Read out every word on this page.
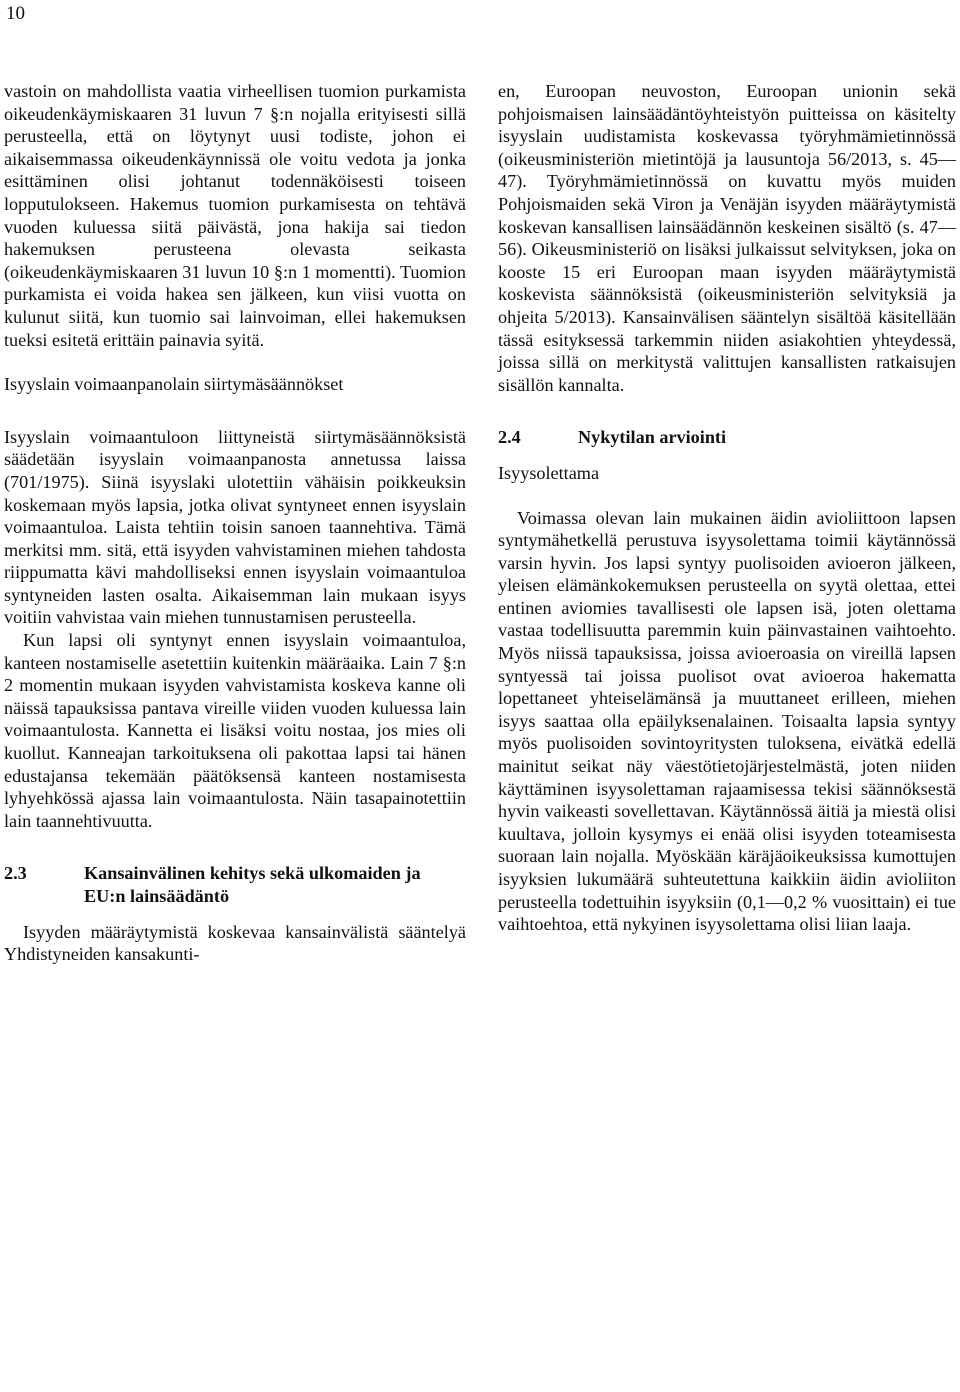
10

vastoin on mahdollista vaatia virheellisen tuomion purkamista oikeudenkäymiskaaren 31 luvun 7 §:n nojalla erityisesti sillä perusteella, että on löytynyt uusi todiste, johon ei aikaisemmassa oikeudenkäynnissä ole voitu vedota ja jonka esittäminen olisi johtanut todennäköisesti toiseen lopputulokseen. Hakemus tuomion purkamisesta on tehtävä vuoden kuluessa siitä päivästä, jona hakija sai tiedon hakemuksen perusteena olevasta seikasta (oikeudenkäymiskaaren 31 luvun 10 §:n 1 momentti). Tuomion purkamista ei voida hakea sen jälkeen, kun viisi vuotta on kulunut siitä, kun tuomio sai lainvoiman, ellei hakemuksen tueksi esitetä erittäin painavia syitä.

Isyyslain voimaanpanolain siirtymäsäännökset

Isyyslain voimaantuloon liittyneistä siirtymäsäännöksistä säädetään isyyslain voimaanpanosta annetussa laissa (701/1975). Siinä isyyslaki ulotettiin vähäisin poikkeuksin koskemaan myös lapsia, jotka olivat syntyneet ennen isyyslain voimaantuloa. Laista tehtiin toisin sanoen taannehtiva. Tämä merkitsi mm. sitä, että isyyden vahvistaminen miehen tahdosta riippumatta kävi mahdolliseksi ennen isyyslain voimaantuloa syntyneiden lasten osalta. Aikaisemman lain mukaan isyys voitiin vahvistaa vain miehen tunnustamisen perusteella.

Kun lapsi oli syntynyt ennen isyyslain voimaantuloa, kanteen nostamiselle asetettiin kuitenkin määräaika. Lain 7 §:n 2 momentin mukaan isyyden vahvistamista koskeva kanne oli näissä tapauksissa pantava vireille viiden vuoden kuluessa lain voimaantulosta. Kannetta ei lisäksi voitu nostaa, jos mies oli kuollut. Kanneajan tarkoituksena oli pakottaa lapsi tai hänen edustajansa tekemään päätöksensä kanteen nostamisesta lyhyehkössä ajassa lain voimaantulosta. Näin tasapainotettiin lain taannehtivuutta.

2.3	Kansainvälinen kehitys sekä ulkomaiden ja EU:n lainsäädäntö

Isyyden määräytymistä koskevaa kansainvälistä sääntelyä Yhdistyneiden kansakunti-

en, Euroopan neuvoston, Euroopan unionin sekä pohjoismaisen lainsäädäntöyhteistyön puitteissa on käsitelty isyyslain uudistamista koskevassa työryhmämietinnössä (oikeusministeriön mietintöjä ja lausuntoja 56/2013, s. 45—47). Työryhmämietinnössä on kuvattu myös muiden Pohjoismaiden sekä Viron ja Venäjän isyyden määräytymistä koskevan kansallisen lainsäädännön keskeinen sisältö (s. 47—56). Oikeusministeriö on lisäksi julkaissut selvityksen, joka on kooste 15 eri Euroopan maan isyyden määräytymistä koskevista säännöksistä (oikeusministeriön selvityksiä ja ohjeita 5/2013). Kansainvälisen sääntelyn sisältöä käsitellään tässä esityksessä tarkemmin niiden asiakohtien yhteydessä, joissa sillä on merkitystä valittujen kansallisten ratkaisujen sisällön kannalta.

2.4	Nykytilan arviointi

Isyysolettama

Voimassa olevan lain mukainen äidin avioliittoon lapsen syntymähetkellä perustuva isyysolettama toimii käytännössä varsin hyvin. Jos lapsi syntyy puolisoiden avioeron jälkeen, yleisen elämänkokemuksen perusteella on syytä olettaa, ettei entinen aviomies tavallisesti ole lapsen isä, joten olettama vastaa todellisuutta paremmin kuin päinvastainen vaihtoehto. Myös niissä tapauksissa, joissa avioeroasia on vireillä lapsen syntyessä tai joissa puolisot ovat avioeroa hakematta lopettaneet yhteiselämänsä ja muuttaneet erilleen, miehen isyys saattaa olla epäilyksenalainen. Toisaalta lapsia syntyy myös puolisoiden sovintoyritysten tuloksena, eivätkä edellä mainitut seikat näy väestötietojärjestelmästä, joten niiden käyttäminen isyysolettaman rajaamisessa tekisi säännöksestä hyvin vaikeasti sovellettavan. Käytännössä äitiä ja miestä olisi kuultava, jolloin kysymys ei enää olisi isyyden toteamisesta suoraan lain nojalla. Myöskään käräjäoikeuksissa kumottujen isyyksien lukumäärä suhteutettuna kaikkiin äidin avioliiton perusteella todettuihin isyyksiin (0,1—0,2 % vuosittain) ei tue vaihtoehtoa, että nykyinen isyysolettama olisi liian laaja.
